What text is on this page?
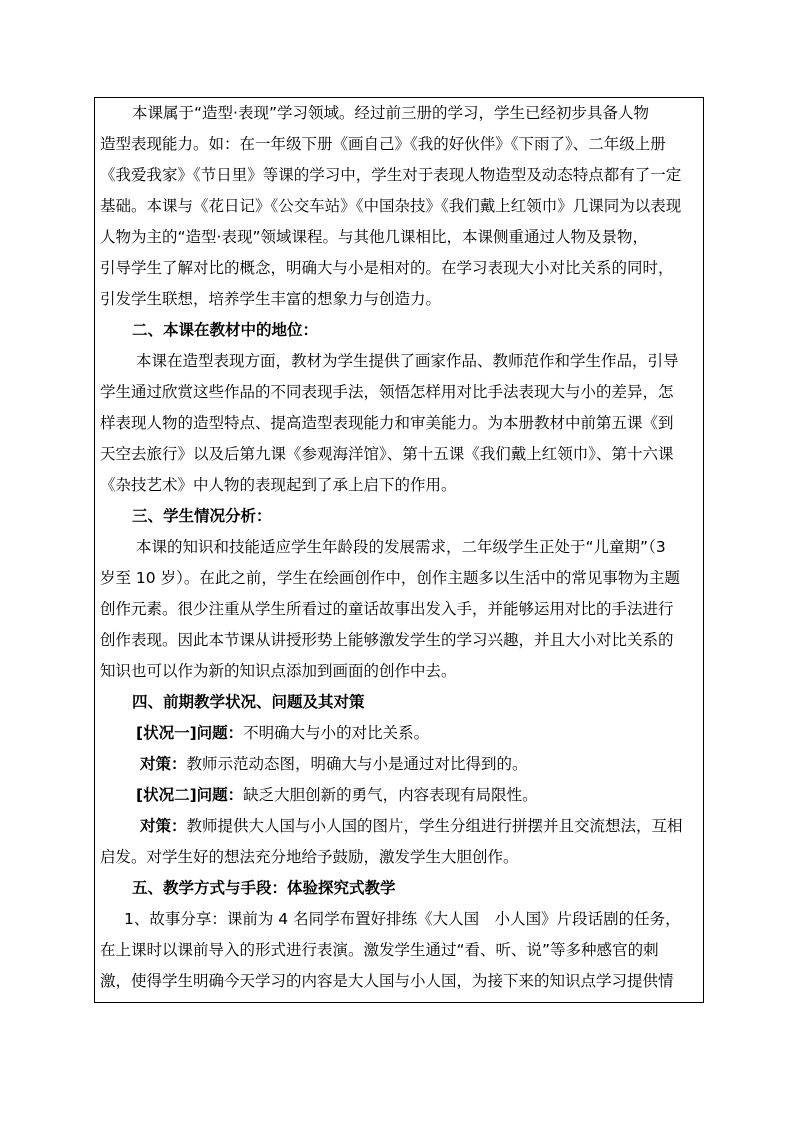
本课属于“造型·表现”学习领域。经过前三册的学习，学生已经初步具备人物
造型表现能力。如：在一年级下册《画自己》《我的好伙伴》《下雨了》、二年级上册
《我爱我家》《节日里》等课的学习中，学生对于表现人物造型及动态特点都有了一定
基础。本课与《花日记》《公交车站》《中国杂技》《我们戴上红领巾》几课同为以表现
人物为主的“造型·表现”领域课程。与其他几课相比，本课侧重通过人物及景物，
引导学生了解对比的概念，明确大与小是相对的。在学习表现大小对比关系的同时，
引发学生联想，培养学生丰富的想象力与创造力。
二、本课在教材中的地位：
本课在造型表现方面，教材为学生提供了画家作品、教师范作和学生作品，引导
学生通过欣赏这些作品的不同表现手法，领悟怎样用对比手法表现大与小的差异，怎
样表现人物的造型特点、提高造型表现能力和审美能力。为本册教材中前第五课《到
天空去旅行》以及后第九课《参观海洋馆》、第十五课《我们戴上红领巾》、第十六课
《杂技艺术》中人物的表现起到了承上启下的作用。
三、学生情况分析：
本课的知识和技能适应学生年龄段的发展需求，二年级学生正处于“儿童期”（3
岁至 10 岁）。在此之前，学生在绘画创作中，创作主题多以生活中的常见事物为主题
创作元素。很少注重从学生所看过的童话故事出发入手，并能够运用对比的手法进行
创作表现。因此本节课从讲授形势上能够激发学生的学习兴趣，并且大小对比关系的
知识也可以作为新的知识点添加到画面的创作中去。
四、前期教学状况、问题及其对策
[状况一]问题：不明确大与小的对比关系。
对策：教师示范动态图，明确大与小是通过对比得到的。
[状况二]问题：缺乏大胆创新的勇气，内容表现有局限性。
对策：教师提供大人国与小人国的图片，学生分组进行拼摆并且交流想法，互相
启发。对学生好的想法充分地给予鼓励，激发学生大胆创作。
五、教学方式与手段：体验探究式教学
1、故事分享：课前为 4 名同学布置好排练《大人国　小人国》片段话剧的任务，
在上课时以课前导入的形式进行表演。激发学生通过“看、听、说”等多种感官的刺
激，使得学生明确今天学习的内容是大人国与小人国，为接下来的知识点学习提供情
